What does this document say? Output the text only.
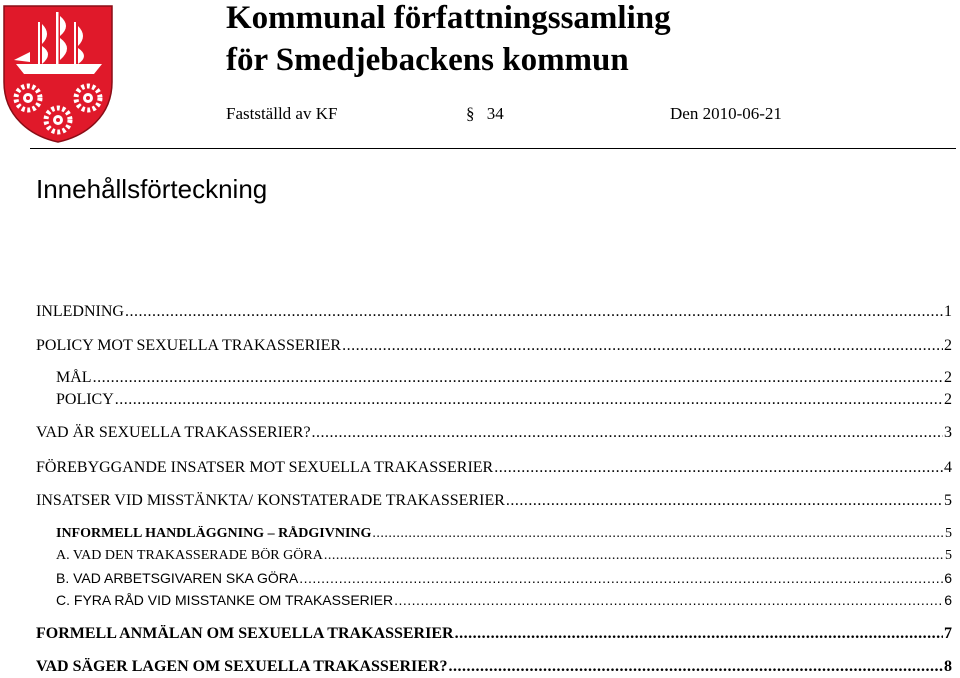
Kommunal författningssamling
för Smedjebackens kommun
Fastställd av KF	§ 34	Den 2010-06-21
Innehållsförteckning
INLEDNING .....	1
POLICY MOT SEXUELLA TRAKASSERIER .....	2
MÅL .....	2
POLICY .....	2
VAD ÄR SEXUELLA TRAKASSERIER? .....	3
FÖREBYGGANDE INSATSER MOT SEXUELLA TRAKASSERIER .....	4
INSATSER VID MISSTÄNKTA/ KONSTATERADE TRAKASSERIER .....	5
INFORMELL HANDLÄGGNING – RÅDGIVNING .....	5
A. VAD DEN TRAKASSERADE BÖR GÖRA .....	5
B. VAD ARBETSGIVAREN SKA GÖRA .....	6
C. FYRA RÅD VID MISSTANKE OM TRAKASSERIER .....	6
FORMELL ANMÄLAN OM SEXUELLA TRAKASSERIER .....	7
VAD SÄGER LAGEN OM SEXUELLA TRAKASSERIER? .....	8
